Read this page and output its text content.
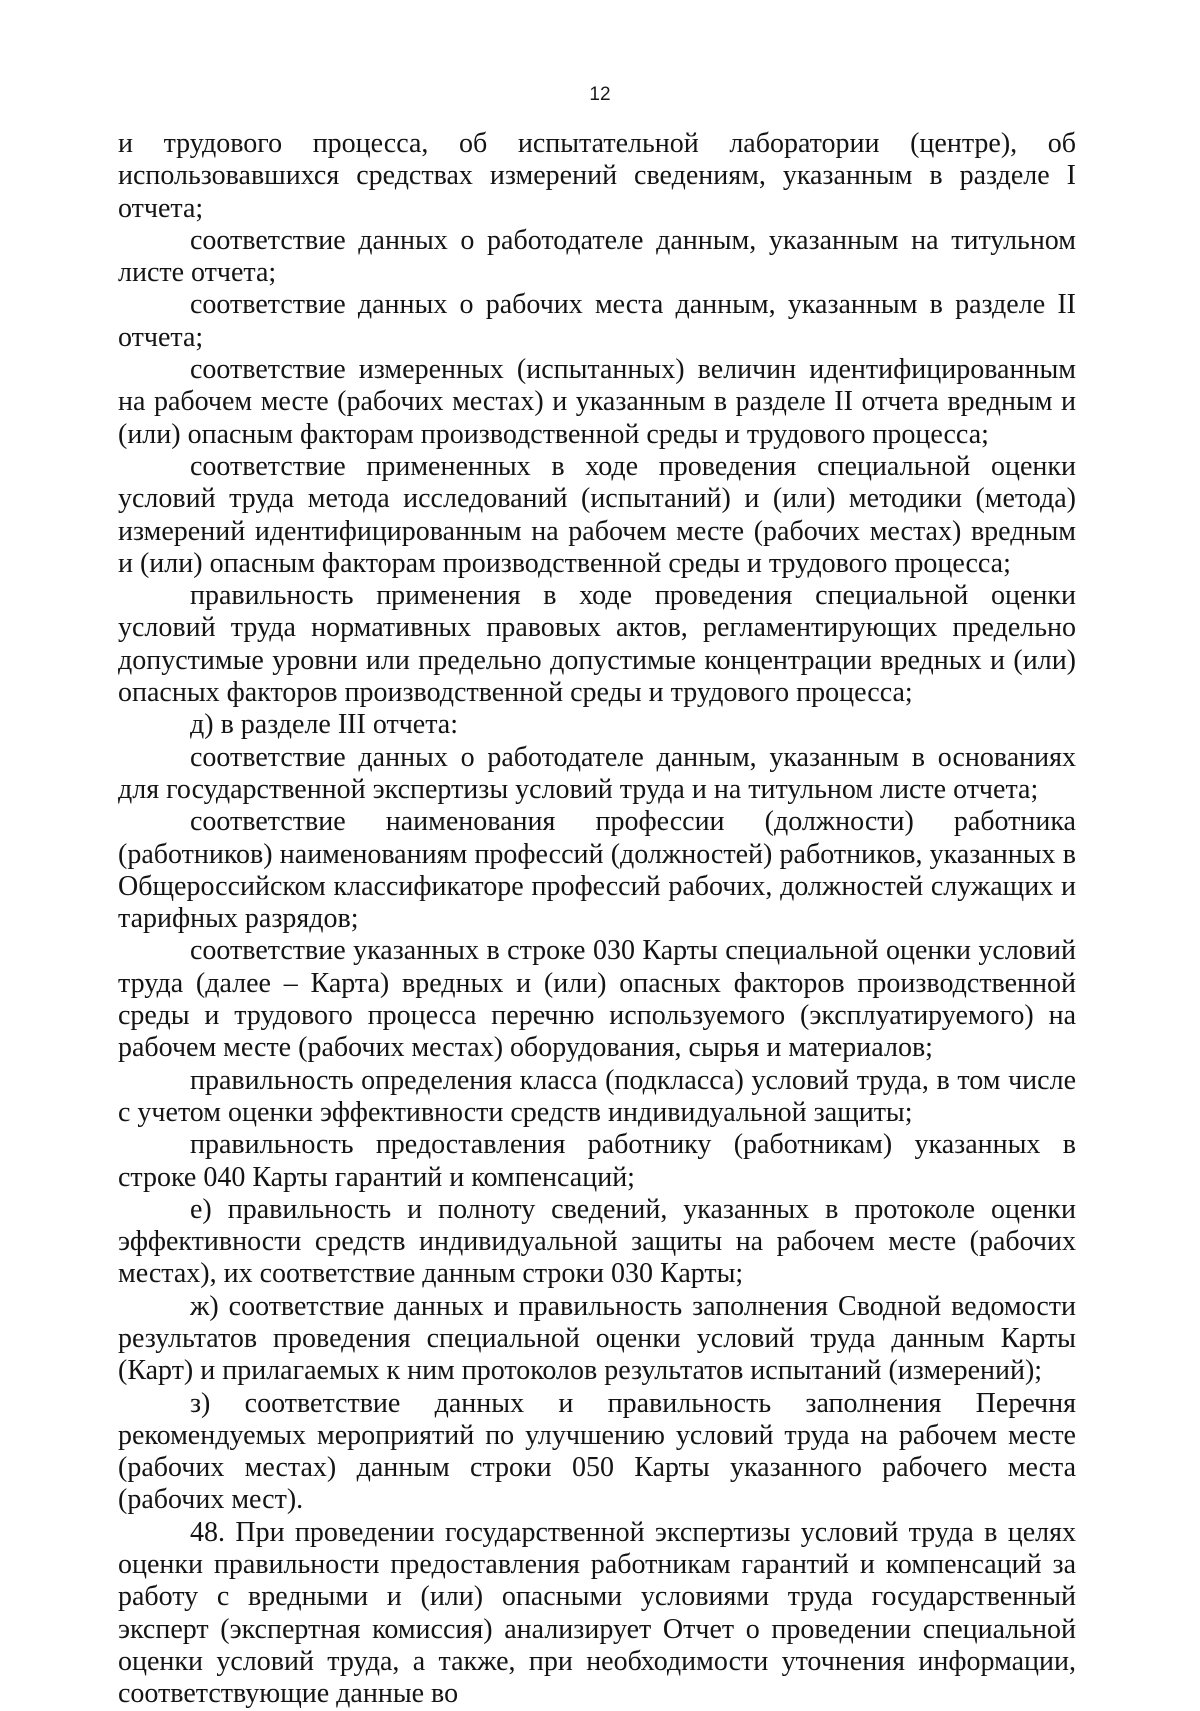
12

и трудового процесса, об испытательной лаборатории (центре), об использовавшихся средствах измерений сведениям, указанным в разделе I отчета;

соответствие данных о работодателе данным, указанным на титульном листе отчета;

соответствие данных о рабочих места данным, указанным в разделе II отчета;

соответствие измеренных (испытанных) величин идентифицированным на рабочем месте (рабочих местах) и указанным в разделе II отчета вредным и (или) опасным факторам производственной среды и трудового процесса;

соответствие примененных в ходе проведения специальной оценки условий труда метода исследований (испытаний) и (или) методики (метода) измерений идентифицированным на рабочем месте (рабочих местах) вредным и (или) опасным факторам производственной среды и трудового процесса;

правильность применения в ходе проведения специальной оценки условий труда нормативных правовых актов, регламентирующих предельно допустимые уровни или предельно допустимые концентрации вредных и (или) опасных факторов производственной среды и трудового процесса;

д) в разделе III отчета:

соответствие данных о работодателе данным, указанным в основаниях для государственной экспертизы условий труда и на титульном листе отчета;

соответствие наименования профессии (должности) работника (работников) наименованиям профессий (должностей) работников, указанных в Общероссийском классификаторе профессий рабочих, должностей служащих и тарифных разрядов;

соответствие указанных в строке 030 Карты специальной оценки условий труда (далее – Карта) вредных и (или) опасных факторов производственной среды и трудового процесса перечню используемого (эксплуатируемого) на рабочем месте (рабочих местах) оборудования, сырья и материалов;

правильность определения класса (подкласса) условий труда, в том числе с учетом оценки эффективности средств индивидуальной защиты;

правильность предоставления работнику (работникам) указанных в строке 040 Карты гарантий и компенсаций;

е) правильность и полноту сведений, указанных в протоколе оценки эффективности средств индивидуальной защиты на рабочем месте (рабочих местах), их соответствие данным строки 030 Карты;

ж) соответствие данных и правильность заполнения Сводной ведомости результатов проведения специальной оценки условий труда данным Карты (Карт) и прилагаемых к ним протоколов результатов испытаний (измерений);

з) соответствие данных и правильность заполнения Перечня рекомендуемых мероприятий по улучшению условий труда на рабочем месте (рабочих местах) данным строки 050 Карты указанного рабочего места (рабочих мест).

48. При проведении государственной экспертизы условий труда в целях оценки правильности предоставления работникам гарантий и компенсаций за работу с вредными и (или) опасными условиями труда государственный эксперт (экспертная комиссия) анализирует Отчет о проведении специальной оценки условий труда, а также, при необходимости уточнения информации, соответствующие данные во
